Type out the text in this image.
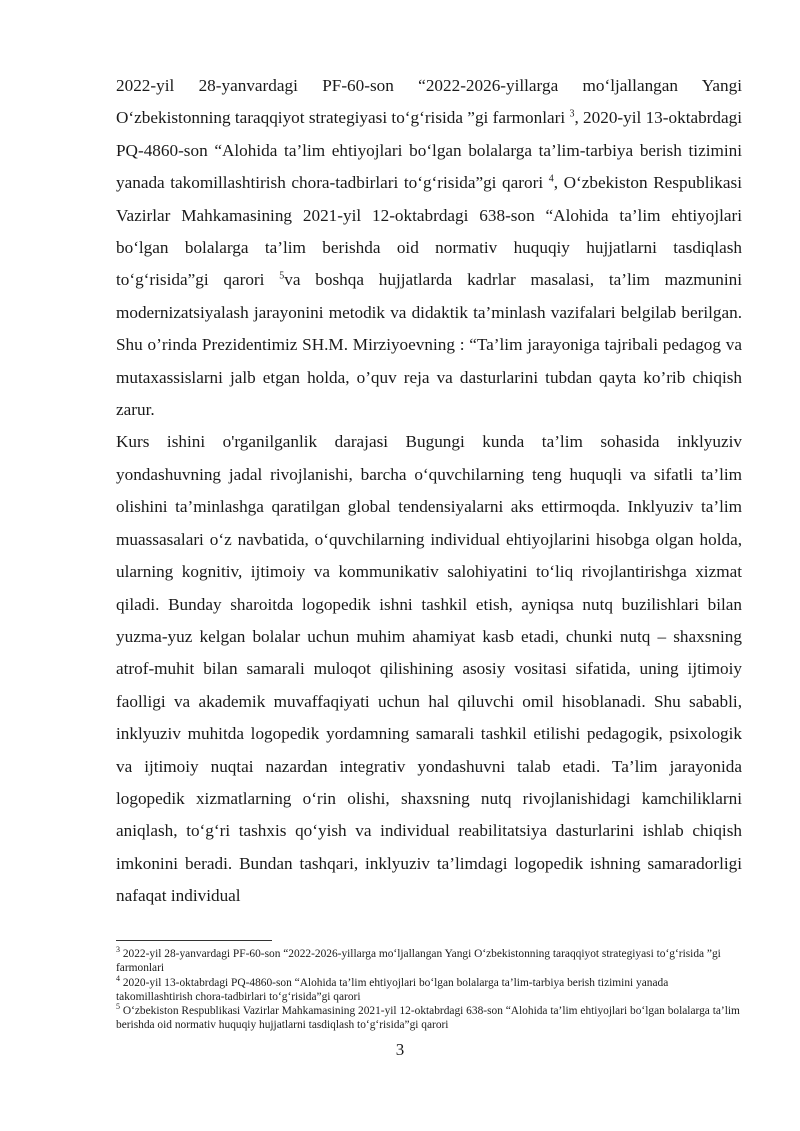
2022-yil 28-yanvardagi PF-60-son “2022-2026-yillarga mo‘ljallangan Yangi O‘zbekistonning taraqqiyot strategiyasi to‘g‘risida ”gi farmonlari $^3$, 2020-yil 13-oktabrdagi PQ-4860-son “Alohida ta’lim ehtiyojlari bo‘lgan bolalarga ta’lim-tarbiya berish tizimini yanada takomillashtirish chora-tadbirlari to‘g‘risida”gi qarori $^4$, O‘zbekiston Respublikasi Vazirlar Mahkamasining 2021-yil 12-oktabrdagi 638-son “Alohida ta’lim ehtiyojlari bo‘lgan bolalarga ta’lim berishda oid normativ huquqiy hujjatlarni tasdiqlash to‘g‘risida”gi qarori $^5$va boshqa hujjatlarda kadrlar masalasi, ta’lim mazmunini modernizatsiyalash jarayonini metodik va didaktik ta’minlash vazifalari belgilab berilgan. Shu o’rinda Prezidentimiz SH.M. Mirziyoevning : “Ta’lim jarayoniga tajribali pedagog va mutaxassislarni jalb etgan holda, o’quv reja va dasturlarini tubdan qayta ko’rib chiqish zarur.

Kurs ishini o'rganilganlik darajasi Bugungi kunda ta’lim sohasida inklyuziv yondashuvning jadal rivojlanishi, barcha o‘quvchilarning teng huquqli va sifatli ta’lim olishini ta’minlashga qaratilgan global tendensiyalarni aks ettirmoqda. Inklyuziv ta’lim muassasalari o‘z navbatida, o‘quvchilarning individual ehtiyojlarini hisobga olgan holda, ularning kognitiv, ijtimoiy va kommunikativ salohiyatini to‘liq rivojlantirishga xizmat qiladi. Bunday sharoitda logopedik ishni tashkil etish, ayniqsa nutq buzilishlari bilan yuzma-yuz kelgan bolalar uchun muhim ahamiyat kasb etadi, chunki nutq – shaxsning atrof-muhit bilan samarali muloqot qilishining asosiy vositasi sifatida, uning ijtimoiy faolligi va akademik muvaffaqiyati uchun hal qiluvchi omil hisoblanadi. Shu sababli, inklyuziv muhitda logopedik yordamning samarali tashkil etilishi pedagogik, psixologik va ijtimoiy nuqtai nazardan integrativ yondashuvni talab etadi. Ta’lim jarayonida logopedik xizmatlarning o‘rin olishi, shaxsning nutq rivojlanishidagi kamchiliklarni aniqlash, to‘g‘ri tashxis qo‘yish va individual reabilitatsiya dasturlarini ishlab chiqish imkonini beradi. Bundan tashqari, inklyuziv ta’limdagi logopedik ishning samaradorligi nafaqat individual

$^3$ 2022-yil 28-yanvardagi PF-60-son “2022-2026-yillarga mo‘ljallangan Yangi O‘zbekistonning taraqqiyot strategiyasi to‘g‘risida ”gi farmonlari

$^4$ 2020-yil 13-oktabrdagi PQ-4860-son “Alohida ta’lim ehtiyojlari bo‘lgan bolalarga ta’lim-tarbiya berish tizimini yanada takomillashtirish chora-tadbirlari to‘g‘risida”gi qarori

$^5$ O‘zbekiston Respublikasi Vazirlar Mahkamasining 2021-yil 12-oktabrdagi 638-son “Alohida ta’lim ehtiyojlari bo‘lgan bolalarga ta’lim berishda oid normativ huquqiy hujjatlarni tasdiqlash to‘g‘risida”gi qarori

3
